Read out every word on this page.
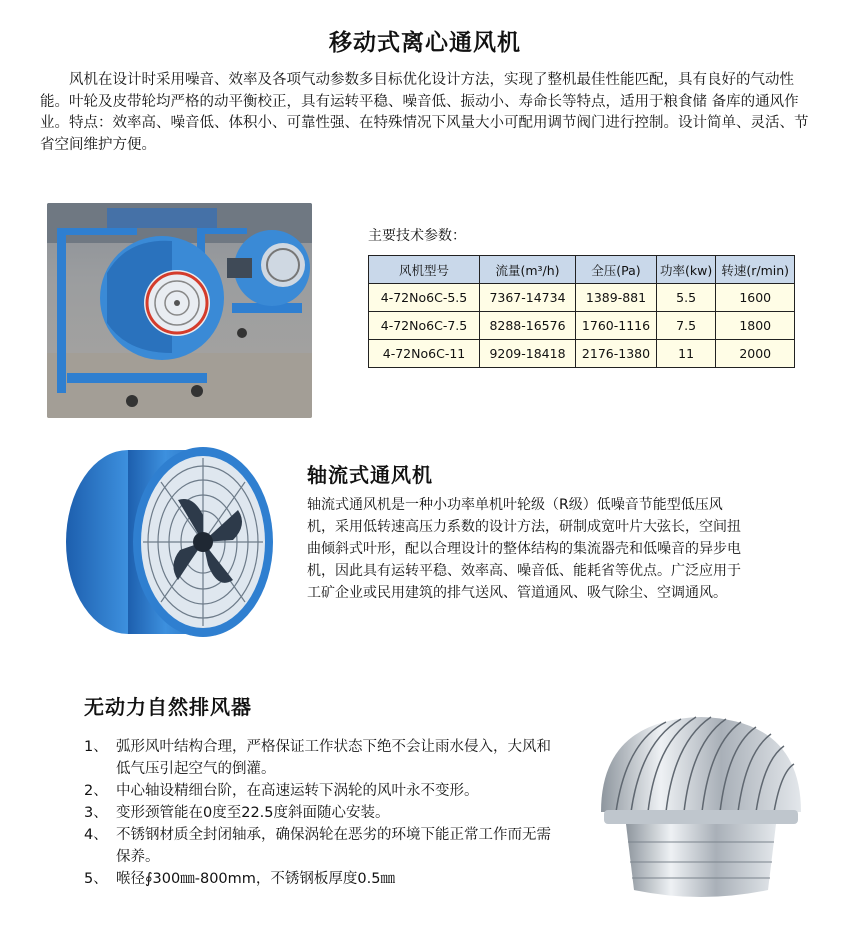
移动式离心通风机

风机在设计时采用噪音、效率及各项气动参数多目标优化设计方法，实现了整机最佳性能匹配，具有良好的气动性能。叶轮及皮带轮均严格的动平衡校正，具有运转平稳、噪音低、振动小、寿命长等特点，适用于粮食储 备库的通风作业。特点：效率高、噪音低、体积小、可靠性强、在特殊情况下风量大小可配用调节阀门进行控制。设计简单、灵活、节省空间维护方便。

主要技术参数：
风机型号	流量(m³/h)	全压(Pa)	功率(kw)	转速(r/min)
4-72No6C-5.5	7367-14734	1389-881	5.5	1600
4-72No6C-7.5	8288-16576	1760-1116	7.5	1800
4-72No6C-11	9209-18418	2176-1380	11	2000
轴流式通风机

轴流式通风机是一种小功率单机叶轮级（R级）低噪音节能型低压风机，采用低转速高压力系数的设计方法，研制成宽叶片大弦长，空间扭曲倾斜式叶形，配以合理设计的整体结构的集流器壳和低噪音的异步电机，因此具有运转平稳、效率高、噪音低、能耗省等优点。广泛应用于工矿企业或民用建筑的排气送风、管道通风、吸气除尘、空调通风。

无动力自然排风器
1、 弧形风叶结构合理，严格保证工作状态下绝不会让雨水侵入，大风和低气压引起空气的倒灌。
2、 中心轴设精细台阶，在高速运转下涡轮的风叶永不变形。
3、 变形颈管能在0度至22.5度斜面随心安装。
4、 不锈钢材质全封闭轴承，确保涡轮在恶劣的环境下能正常工作而无需保养。
5、 喉径∮300㎜-800mm，不锈钢板厚度0.5㎜
